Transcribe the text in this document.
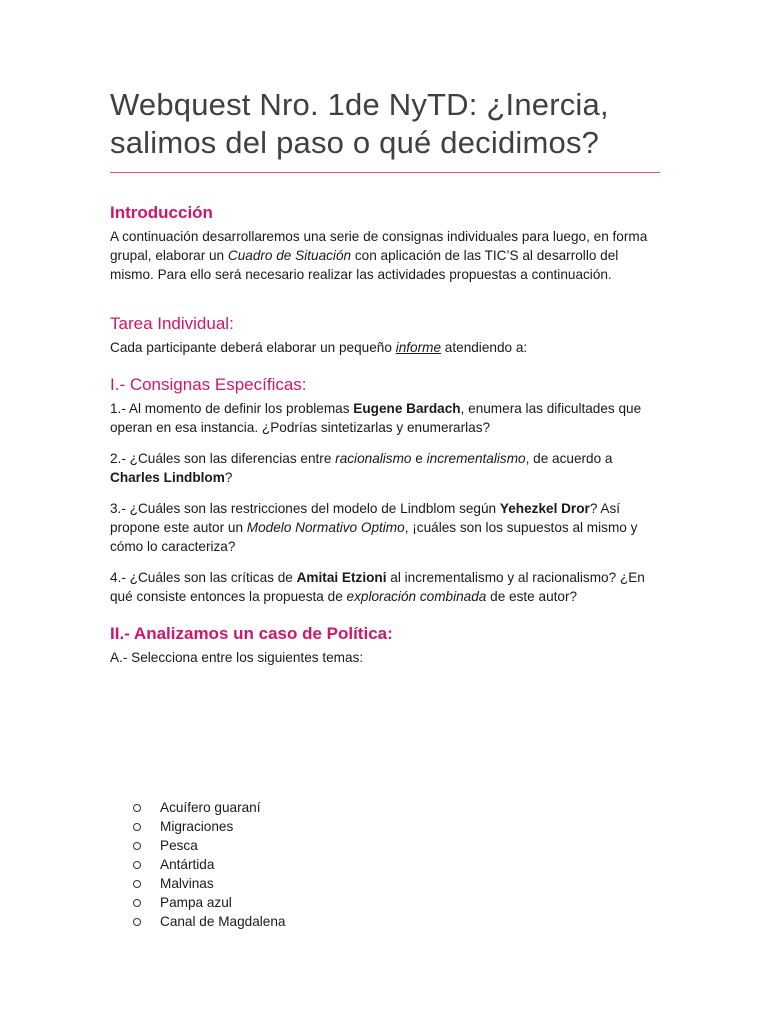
Webquest Nro. 1de NyTD: ¿Inercia, salimos del paso o qué decidimos?
Introducción

A continuación desarrollaremos una serie de consignas individuales para luego, en forma grupal, elaborar un Cuadro de Situación con aplicación de las TIC’S al desarrollo del mismo. Para ello será necesario realizar las actividades propuestas a continuación.

Tarea Individual:

Cada participante deberá elaborar un pequeño informe atendiendo a:

I.- Consignas Específicas:

1.- Al momento de definir los problemas Eugene Bardach, enumera las dificultades que operan en esa instancia. ¿Podrías sintetizarlas y enumerarlas?

2.- ¿Cuáles son las diferencias entre racionalismo e incrementalismo, de acuerdo a Charles Lindblom?

3.- ¿Cuáles son las restricciones del modelo de Lindblom según Yehezkel Dror? Así propone este autor un Modelo Normativo Optimo, ¡cuáles son los supuestos al mismo y cómo lo caracteriza?

4.- ¿Cuáles son las críticas de Amitai Etzioni al incrementalismo y al racionalismo? ¿En qué consiste entonces la propuesta de exploración combinada de este autor?

II.- Analizamos un caso de Política:

A.- Selecciona entre los siguientes temas:

Acuífero guaraní
Migraciones
Pesca
Antártida
Malvinas
Pampa azul
Canal de Magdalena
